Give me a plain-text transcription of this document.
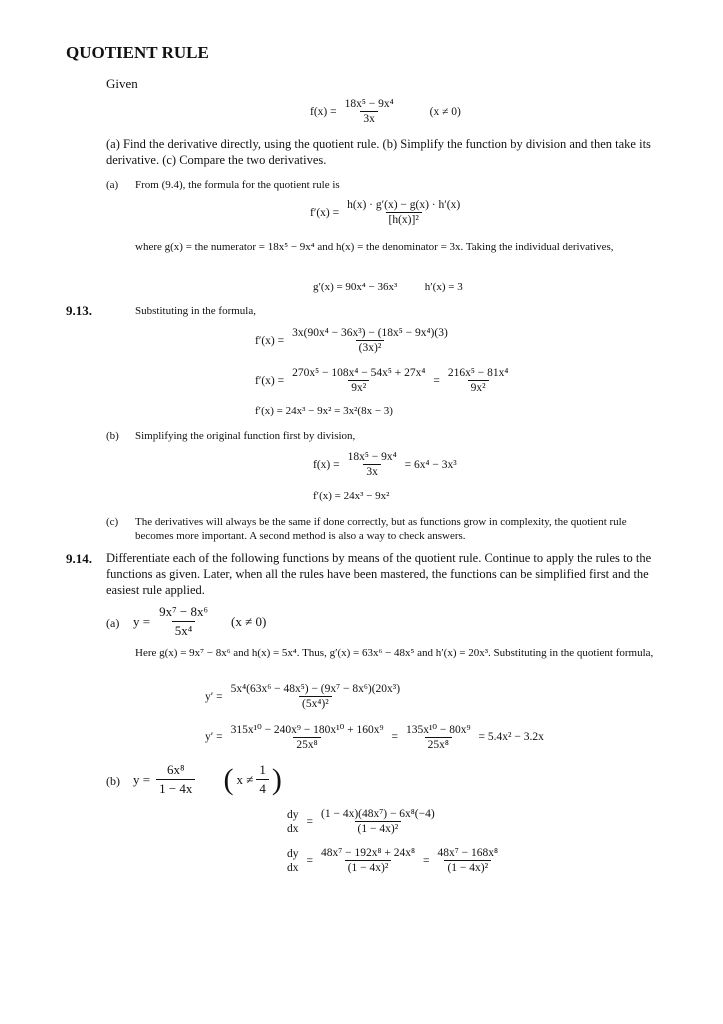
QUOTIENT RULE
Given
$f(x) = \frac{\text{18x⁵ − 9x⁴}}{3x}$	(x ≠ 0)
(a) Find the derivative directly, using the quotient rule. (b) Simplify the function by division and then take its derivative. (c) Compare the two derivatives.
(a) From (9.4), the formula for the quotient rule is
$f'(x) = \frac{h(x) \cdot g'(x) - g(x) \cdot h'(x)}{\text{[h(x)]²}}$
where g(x) = the numerator = 18x⁵ − 9x⁴ and h(x) = the denominator = 3x. Taking the individual derivatives,
g′(x) = 90x⁴ − 36x³          h′(x) = 3
9.13.	Substituting in the formula,
$f'(x) = \frac{\text{3x(90x⁴ − 36x³) − (18x⁵ − 9x⁴)(3)}}{\text{(3x)²}}$
$f'(x) = \frac{\text{270x⁵ − 108x⁴ − 54x⁵ + 27x⁴}}{\text{9x²}} = \frac{\text{216x⁵ − 81x⁴}}{\text{9x²}}$
f′(x) = 24x³ − 9x² = 3x²(8x − 3)
(b) Simplifying the original function first by division,
$f(x) = \frac{\text{18x⁵ − 9x⁴}}{3x} = 6x^4 - 3x^3$
f′(x) = 24x³ − 9x²
(c) The derivatives will always be the same if done correctly, but as functions grow in complexity, the quotient rule becomes more important. A second method is also a way to check answers.
9.14. Differentiate each of the following functions by means of the quotient rule. Continue to apply the rules to the functions as given. Later, when all the rules have been mastered, the functions can be simplified first and the easiest rule applied.
(a) $y = \frac{\text{9x⁷ − 8x⁶}}{\text{5x⁴}} (x \ne 0)$
Here g(x) = 9x⁷ − 8x⁶ and h(x) = 5x⁴. Thus, g′(x) = 63x⁶ − 48x⁵ and h′(x) = 20x³. Substituting in the quotient formula,
$y' = \frac{\text{5x⁴(63x⁶ − 48x⁵) − (9x⁷ − 8x⁶)(20x³)}}{\text{(5x⁴)²}}$
$y' = \frac{\text{315x¹⁰ − 240x⁹ − 180x¹⁰ + 160x⁹}}{\text{25x⁸}} = \frac{\text{135x¹⁰ − 80x⁹}}{\text{25x⁸}} = 5.4x^2 - 3.2x$
(b) $y = \frac{\text{6x⁸}}{1 - 4x}$ ( $x \ne \frac{1}{4}$ )
dy
dx
= $\frac{\text{(1 − 4x)(48x⁷) − 6x⁸(−4)}}{\text{(1 − 4x)²}}$
dy
dx
= $\frac{\text{48x⁷ − 192x⁸ + 24x⁸}}{\text{(1 − 4x)²}} = \frac{\text{48x⁷ − 168x⁸}}{\text{(1 − 4x)²}}$
